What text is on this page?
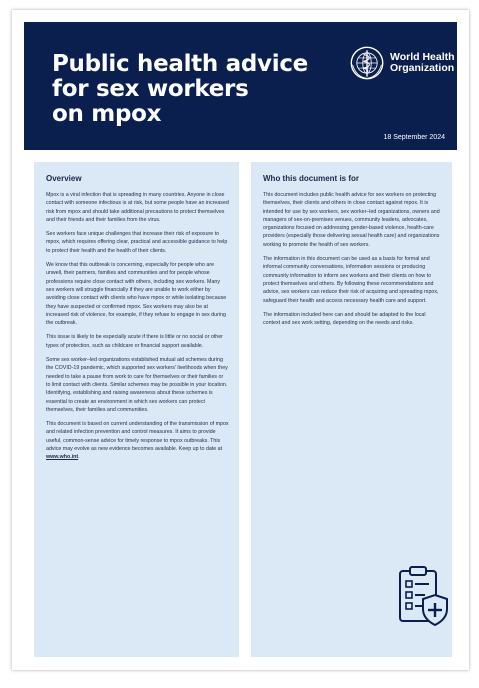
Public health advice
for sex workers
on mpox
World Health
Organization
18 September 2024
Overview

Mpox is a viral infection that is spreading in many countries. Anyone in close contact with someone infectious is at risk, but some people have an increased risk from mpox and should take additional precautions to protect themselves and their friends and their families from the virus.

Sex workers face unique challenges that increase their risk of exposure to mpox, which requires offering clear, practical and accessible guidance to help to protect their health and the health of their clients.

We know that this outbreak is concerning, especially for people who are unwell, their partners, families and communities and for people whose professions require close contact with others, including sex workers. Many sex workers will struggle financially if they are unable to work either by avoiding close contact with clients who have mpox or while isolating because they have suspected or confirmed mpox. Sex workers may also be at increased risk of violence, for example, if they refuse to engage in sex during the outbreak.

This issue is likely to be especially acute if there is little or no social or other types of protection, such as childcare or financial support available.

Some sex worker–led organizations established mutual aid schemes during the COVID-19 pandemic, which supported sex workers' livelihoods when they needed to take a pause from work to care for themselves or their families or to limit contact with clients. Similar schemes may be possible in your location. Identifying, establishing and raising awareness about these schemes is essential to create an environment in which sex workers can protect themselves, their families and communities.

This document is based on current understanding of the transmission of mpox and related infection prevention and control measures. It aims to provide useful, common-sense advice for timely response to mpox outbreaks. This advice may evolve as new evidence becomes available. Keep up to date at www.who.int.

Who this document is for

This document includes public health advice for sex workers on protecting themselves, their clients and others in close contact against mpox. It is intended for use by sex workers, sex worker–led organizations, owners and managers of sex-on-premises venues, community leaders, advocates, organizations focused on addressing gender-based violence, health-care providers (especially those delivering sexual health care) and organizations working to promote the health of sex workers.

The information in this document can be used as a basis for formal and informal community conversations, information sessions or producing community information to inform sex workers and their clients on how to protect themselves and others. By following these recommendations and advice, sex workers can reduce their risk of acquiring and spreading mpox, safeguard their health and access necessary health care and support.

The information included here can and should be adapted to the local context and sex work setting, depending on the needs and risks.
